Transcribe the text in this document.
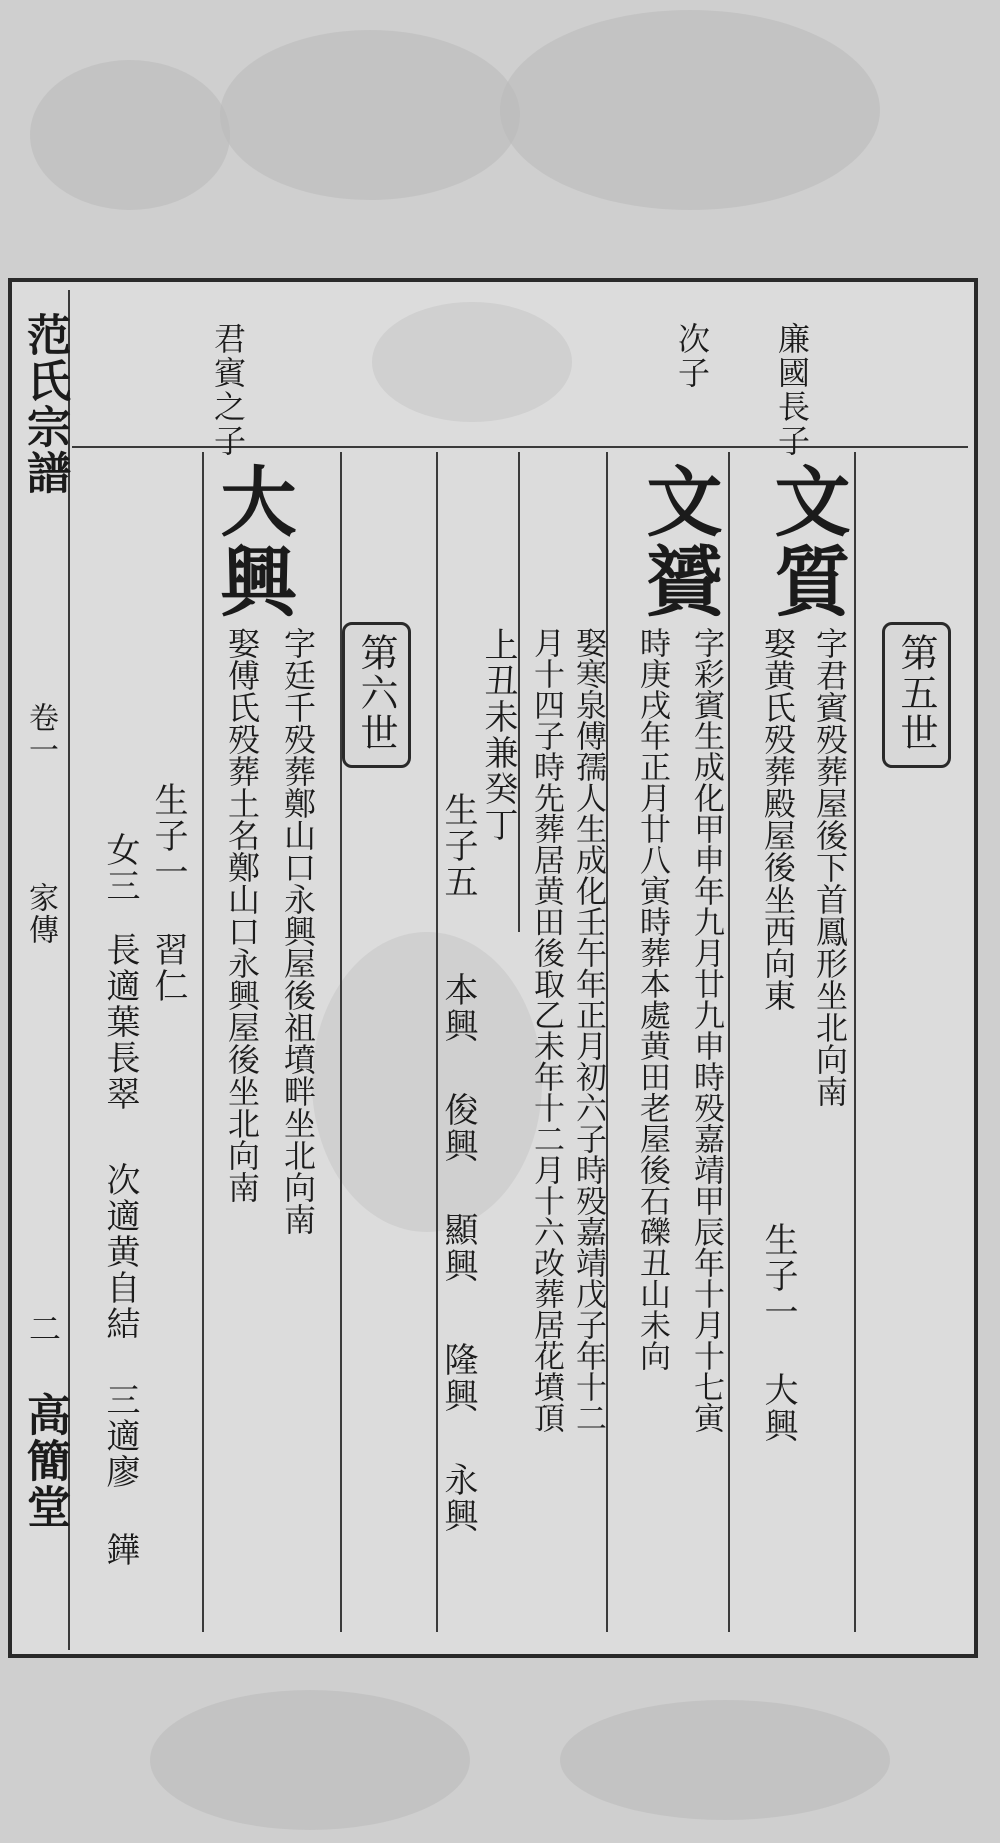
范氏宗譜
卷一
家傳
二
高簡堂
廉國長子
次子
君賓之子
第五世
文質
字君賓殁葬屋後下首鳳形坐北向南
娶黄氏殁葬殿屋後坐西向東
生子一
大興
文贇
字彩賓生成化甲申年九月廿九申時殁嘉靖甲辰年十月十七寅
時庚戌年正月廿八寅時葬本處黄田老屋後石礫丑山未向
娶寒泉傅孺人生成化壬午年正月初六子時殁嘉靖戊子年十二
月十四子時先葬居黄田後取乙未年十二月十六改葬居花墳頂
上丑未兼癸丁
生子五
本興
俊興
顯興
隆興
永興
第六世
大興
字廷千殁葬鄭山口永興屋後祖墳畔坐北向南
娶傅氏殁葬土名鄭山口永興屋後坐北向南
生子一
習仁
女三
長適葉長翠
次適黄自結
三適廖
鏵
